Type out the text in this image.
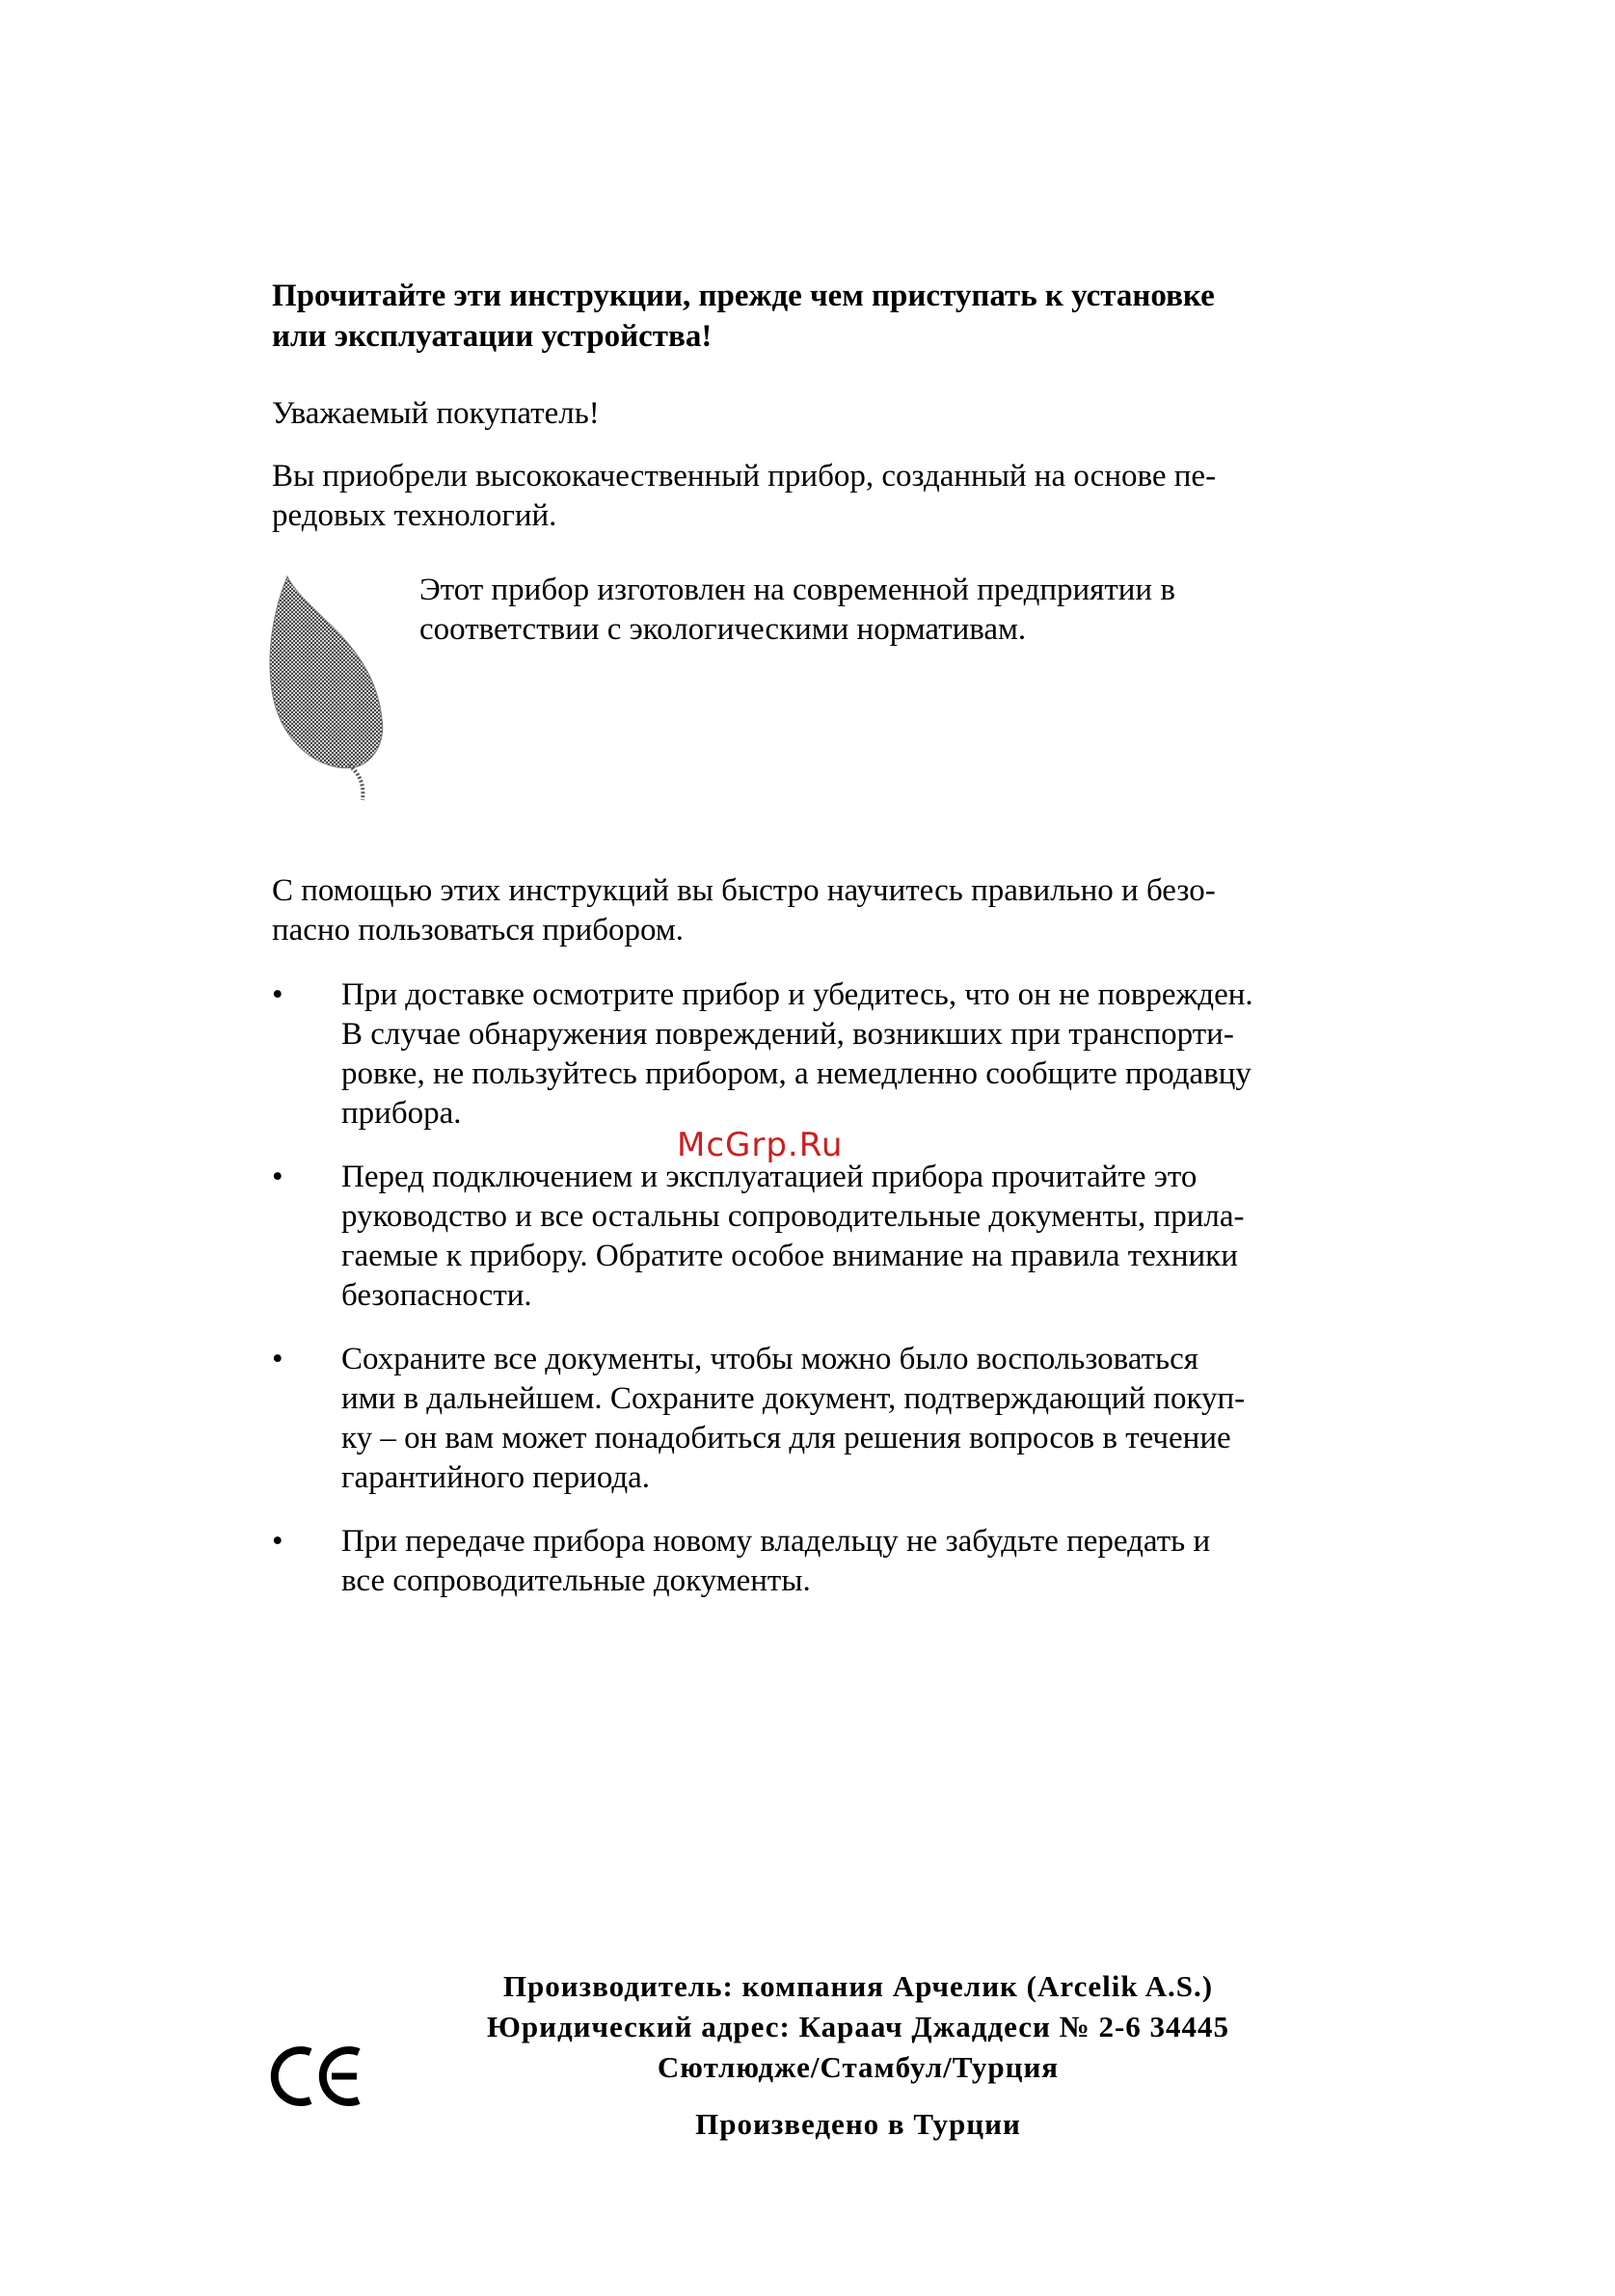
Прочитайте эти инструкции, прежде чем приступать к установке
или эксплуатации устройства!

Уважаемый покупатель!

Вы приобрели высококачественный прибор, созданный на основе пе-
редовых технологий.

Этот прибор изготовлен на современной предприятии в
соответствии с экологическими нормативам.

С помощью этих инструкций вы быстро научитесь правильно и безо-
пасно пользоваться прибором.

• При доставке осмотрите прибор и убедитесь, что он не поврежден.
В случае обнаружения повреждений, возникших при транспорти-
ровке, не пользуйтесь прибором, а немедленно сообщите продавцу
прибора.
• Перед подключением и эксплуатацией прибора прочитайте это
руководство и все остальны сопроводительные документы, прила-
гаемые к прибору. Обратите особое внимание на правила техники
безопасности.
• Сохраните все документы, чтобы можно было воспользоваться
ими в дальнейшем. Сохраните документ, подтверждающий покуп-
ку – он вам может понадобиться для решения вопросов в течение
гарантийного периода.
• При передаче прибора новому владельцу не забудьте передать и
все сопроводительные документы.
McGrp.Ru
Производитель: компания Арчелик (Arcelik A.S.)
Юридический адрес: Караач Джаддеси № 2-6 34445
Сютлюдже/Стамбул/Турция
Произведено в Турции
